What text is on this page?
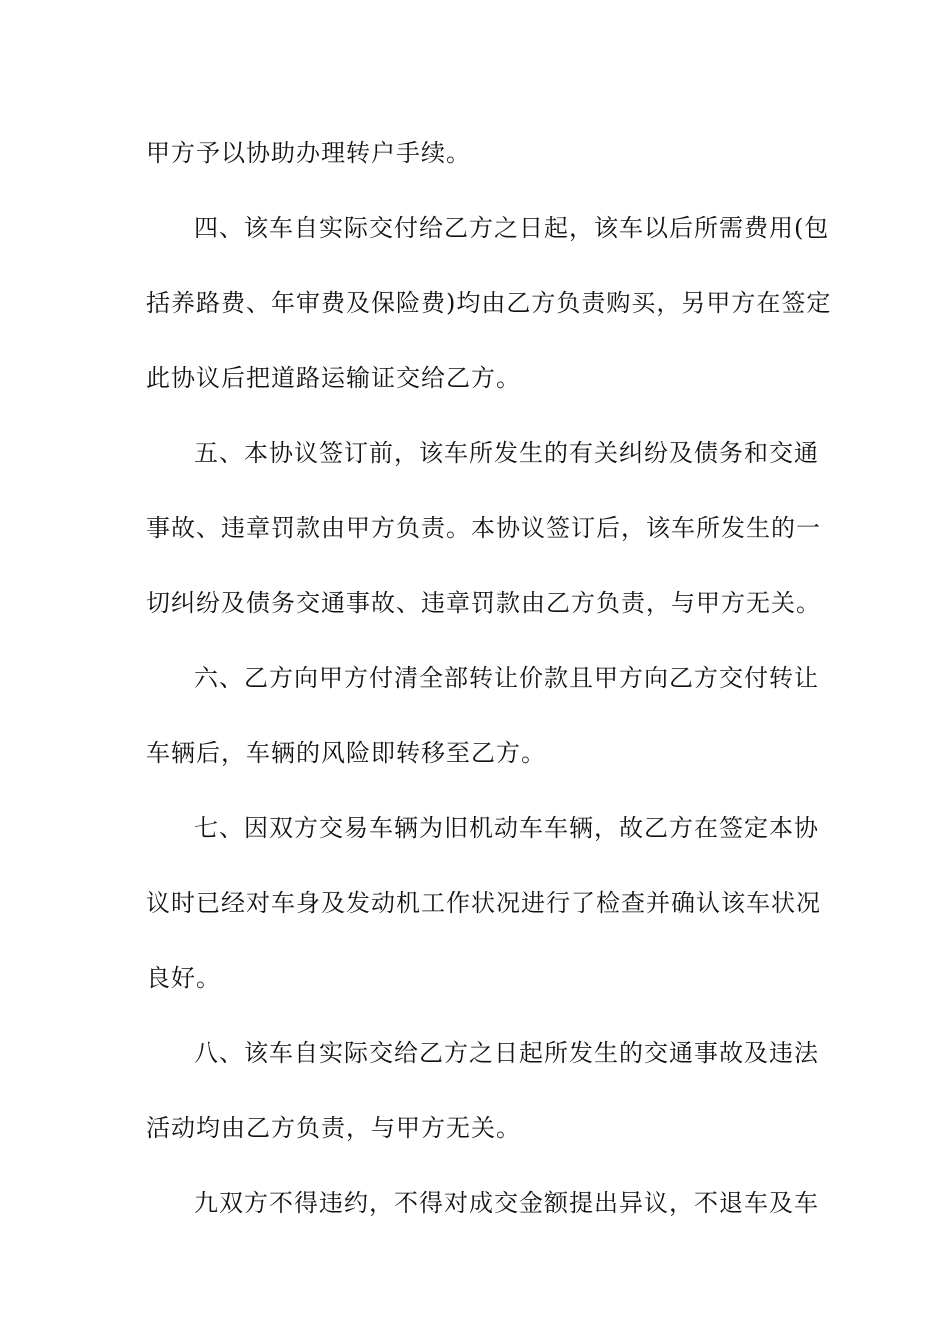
甲方予以协助办理转户手续。

四、该车自实际交付给乙方之日起，该车以后所需费用(包

括养路费、年审费及保险费)均由乙方负责购买，另甲方在签定

此协议后把道路运输证交给乙方。

五、本协议签订前，该车所发生的有关纠纷及债务和交通

事故、违章罚款由甲方负责。本协议签订后，该车所发生的一

切纠纷及债务交通事故、违章罚款由乙方负责，与甲方无关。

六、乙方向甲方付清全部转让价款且甲方向乙方交付转让

车辆后，车辆的风险即转移至乙方。

七、因双方交易车辆为旧机动车车辆，故乙方在签定本协

议时已经对车身及发动机工作状况进行了检查并确认该车状况

良好。

八、该车自实际交给乙方之日起所发生的交通事故及违法

活动均由乙方负责，与甲方无关。

九双方不得违约，不得对成交金额提出异议，不退车及车
